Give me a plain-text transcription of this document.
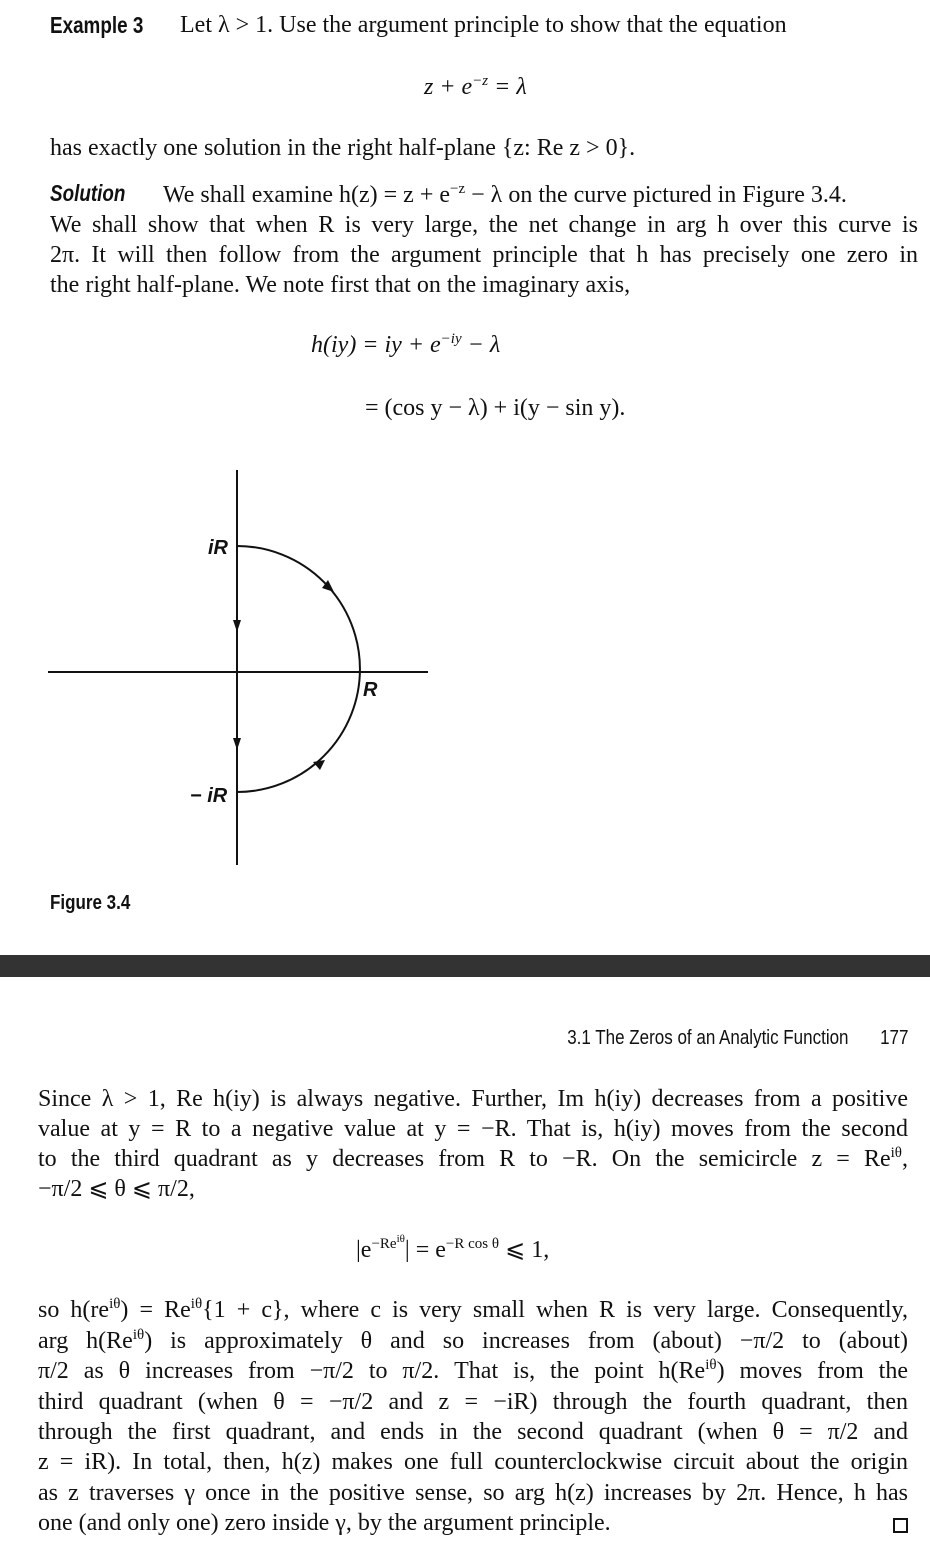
Example 3 Let λ > 1. Use the argument principle to show that the equation
$z + e^{-z} = \lambda$
has exactly one solution in the right half-plane {z: Re z > 0}.
Solution We shall examine $h(z) = z + e^{-z} - \lambda$ on the curve pictured in Figure 3.4.
We shall show that when R is very large, the net change in arg h over this curve is
2π. It will then follow from the argument principle that h has precisely one zero in
the right half-plane. We note first that on the imaginary axis,
h(iy) = iy + $e^{-iy} - \lambda$
= (cos y − λ) + i(y − sin y).
iR
− iR
R
Figure 3.4
3.1 The Zeros of an Analytic Function 177
Since λ > 1, Re h(iy) is always negative. Further, Im h(iy) decreases from a positive
value at y = R to a negative value at y = −R. That is, h(iy) moves from the second
to the third quadrant as y decreases from R to −R. On the semicircle $z = Re^{i\theta}$,
−π/2 ⩽ θ ⩽ π/2,
$|e^{-Re^{i\theta}}| = e^{-R cos \theta}$ ⩽ 1,
so $h(re^{i\theta}) = Re^{i\theta}\{1 + c\}$, where c is very small when R is very large. Consequently,
arg $h(Re^{i\theta})$ is approximately θ and so increases from (about) −π/2 to (about)
π/2 as θ increases from −π/2 to π/2. That is, the point $h(Re^{i\theta})$ moves from the
third quadrant (when θ = −π/2 and z = −iR) through the fourth quadrant, then
through the first quadrant, and ends in the second quadrant (when θ = π/2 and
z = iR). In total, then, h(z) makes one full counterclockwise circuit about the origin
as z traverses γ once in the positive sense, so arg h(z) increases by 2π. Hence, h has
one (and only one) zero inside γ, by the argument principle.
